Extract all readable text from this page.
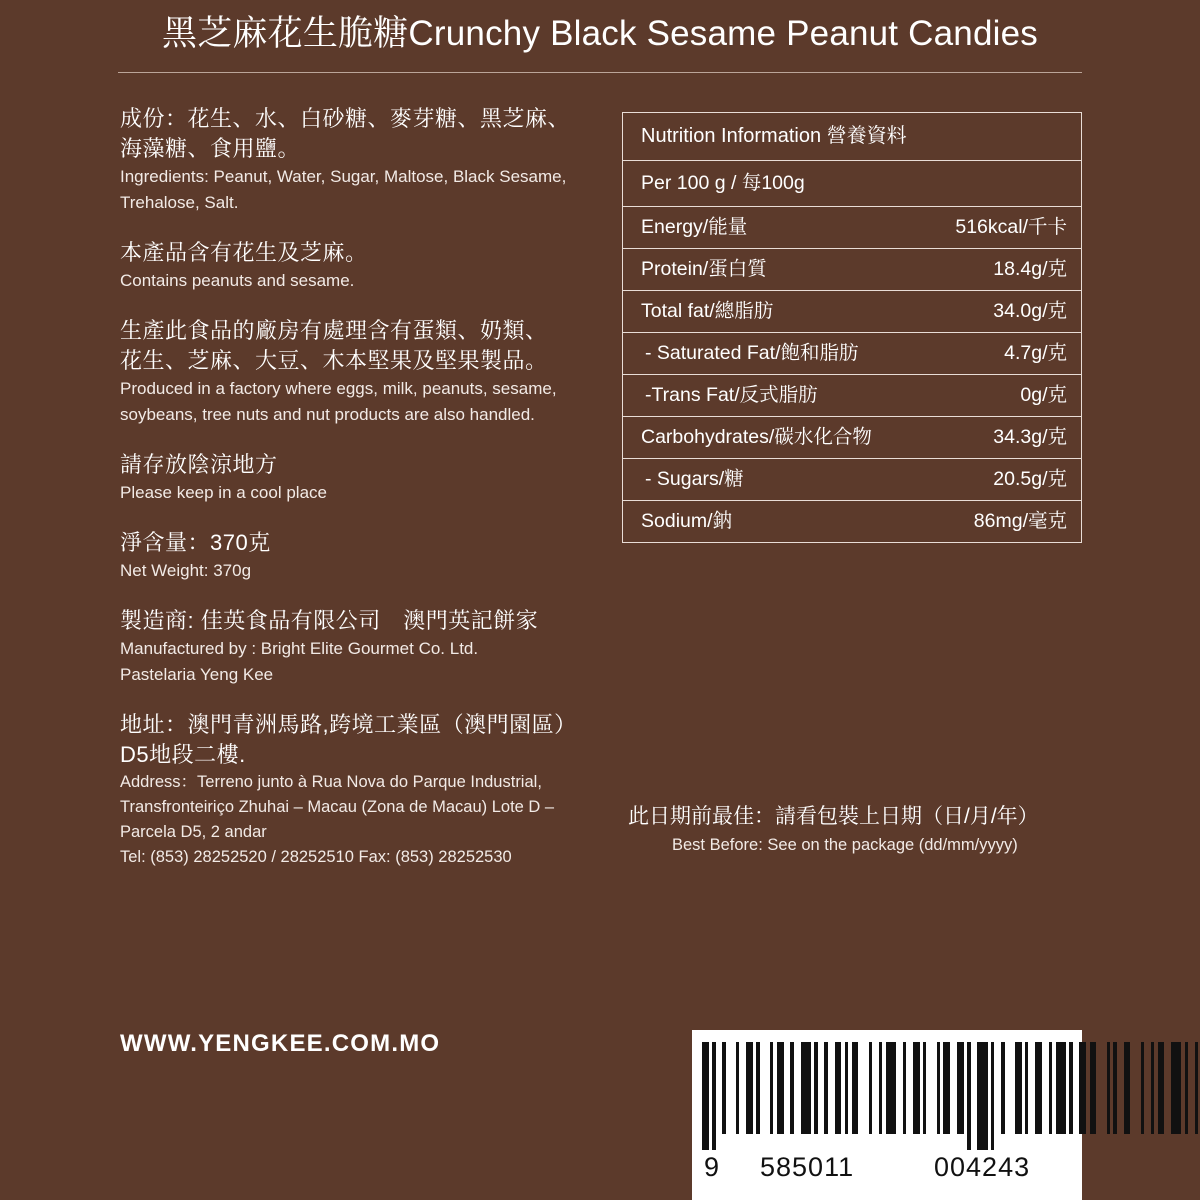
黑芝麻花生脆糖Crunchy Black Sesame Peanut Candies
成份：花生、水、白砂糖、麥芽糖、黑芝麻、
海藻糖、食用鹽。
Ingredients: Peanut, Water, Sugar, Maltose, Black Sesame,
Trehalose, Salt.
本產品含有花生及芝麻。
Contains peanuts and sesame.
生產此食品的廠房有處理含有蛋類、奶類、
花生、芝麻、大豆、木本堅果及堅果製品。
Produced in a factory where eggs, milk, peanuts, sesame,
soybeans, tree nuts and nut products are also handled.
請存放陰涼地方
Please keep in a cool place
淨含量：370克
Net Weight: 370g
製造商: 佳英食品有限公司　澳門英記餅家
Manufactured by : Bright Elite Gourmet Co. Ltd.
Pastelaria Yeng Kee
地址：澳門青洲馬路,跨境工業區（澳門園區）
D5地段二樓.
Address：Terreno junto à Rua Nova do Parque Industrial,
Transfronteiriço Zhuhai – Macau (Zona de Macau) Lote D –
Parcela D5, 2 andar
Tel: (853) 28252520 / 28252510 Fax: (853) 28252530
Nutrition Information 營養資料
Per 100 g / 每100g
Energy/能量	516kcal/千卡
Protein/蛋白質	18.4g/克
Total fat/總脂肪	34.0g/克
- Saturated Fat/飽和脂肪	4.7g/克
-Trans Fat/反式脂肪	0g/克
Carbohydrates/碳水化合物	34.3g/克
- Sugars/糖	20.5g/克
Sodium/鈉	86mg/毫克
此日期前最佳：請看包裝上日期（日/月/年）
Best Before: See on the package (dd/mm/yyyy)
WWW.YENGKEE.COM.MO
9 585011	004243
